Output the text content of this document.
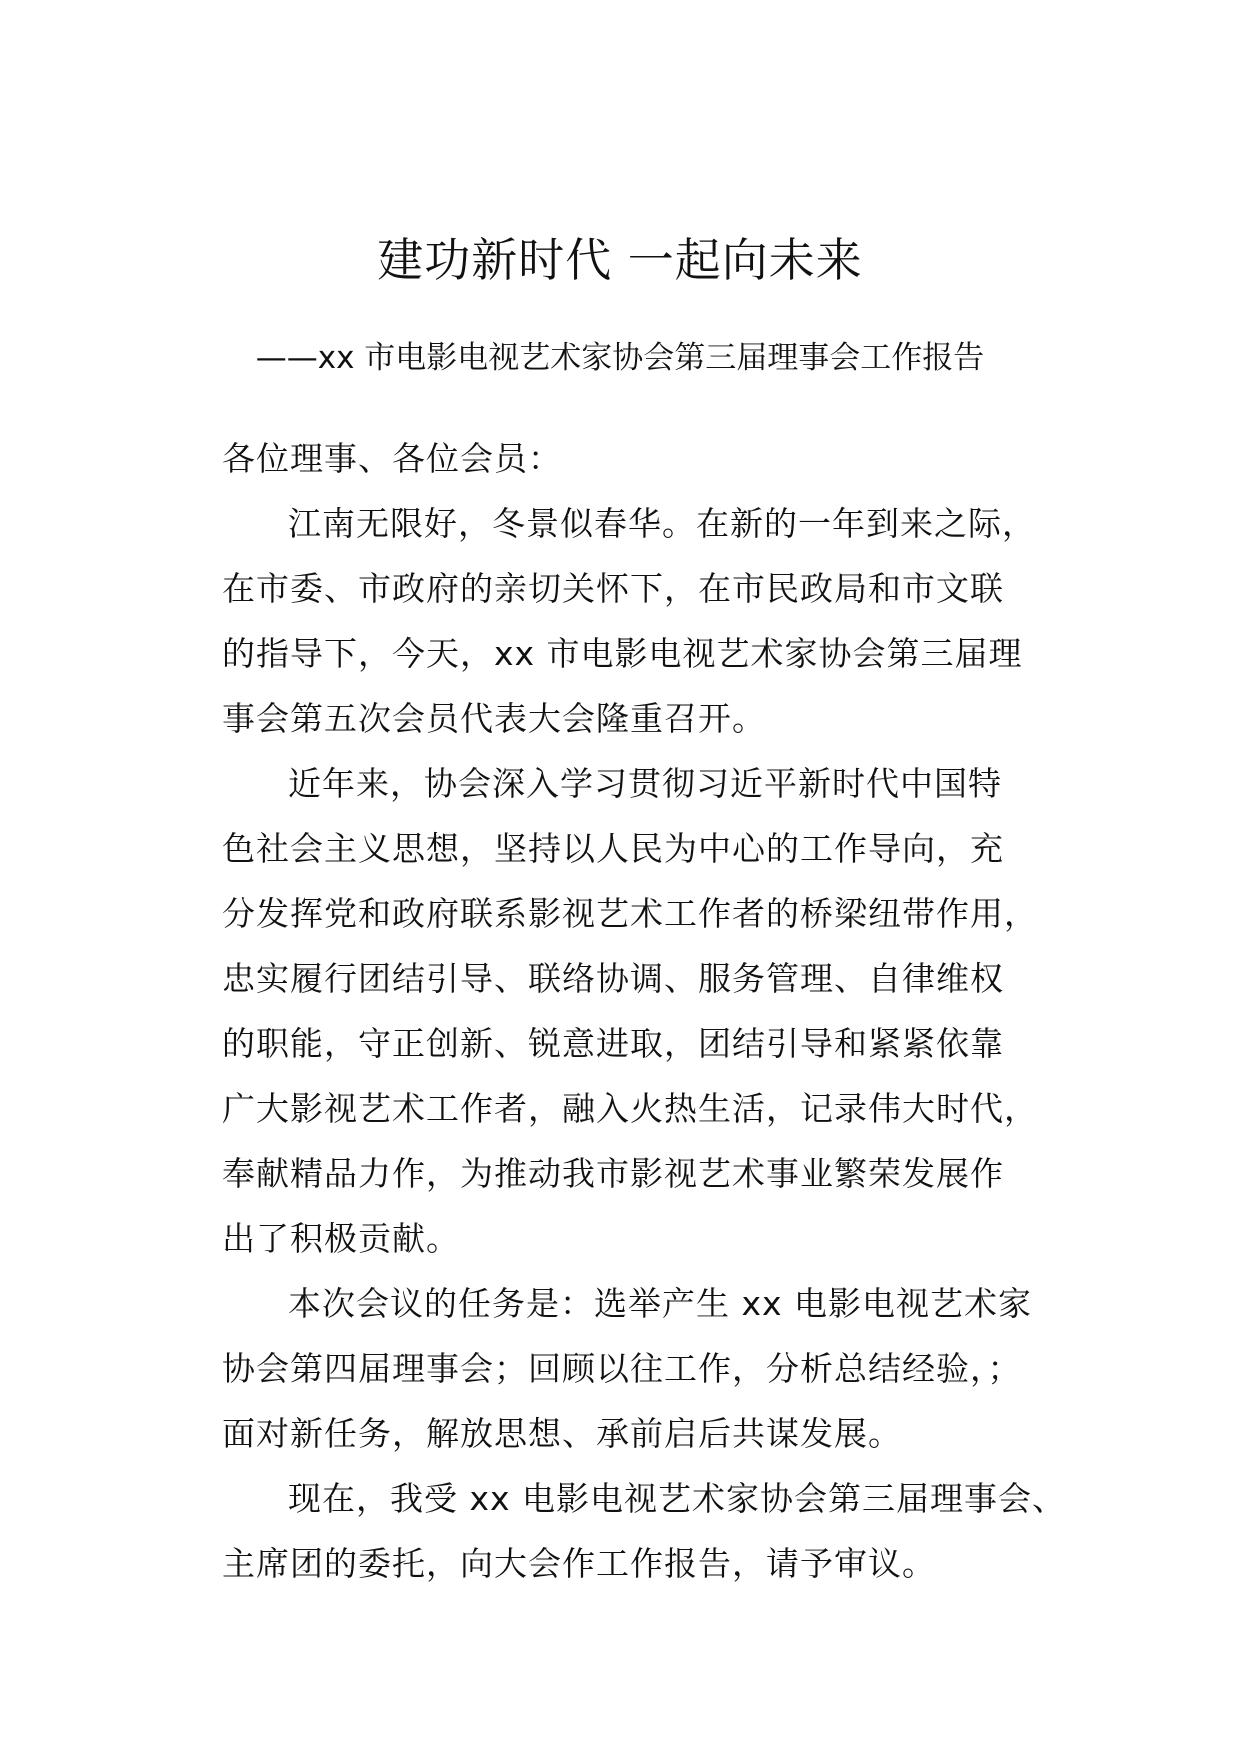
建功新时代 一起向未来

——xx 市电影电视艺术家协会第三届理事会工作报告

各位理事、各位会员：

江南无限好，冬景似春华。在新的一年到来之际，
在市委、市政府的亲切关怀下，在市民政局和市文联
的指导下，今天，xx 市电影电视艺术家协会第三届理
事会第五次会员代表大会隆重召开。

近年来，协会深入学习贯彻习近平新时代中国特
色社会主义思想，坚持以人民为中心的工作导向，充
分发挥党和政府联系影视艺术工作者的桥梁纽带作用，
忠实履行团结引导、联络协调、服务管理、自律维权
的职能，守正创新、锐意进取，团结引导和紧紧依靠
广大影视艺术工作者，融入火热生活，记录伟大时代，
奉献精品力作，为推动我市影视艺术事业繁荣发展作
出了积极贡献。

本次会议的任务是：选举产生 xx 电影电视艺术家
协会第四届理事会；回顾以往工作，分析总结经验，；
面对新任务，解放思想、承前启后共谋发展。

现在，我受 xx 电影电视艺术家协会第三届理事会、
主席团的委托，向大会作工作报告，请予审议。
